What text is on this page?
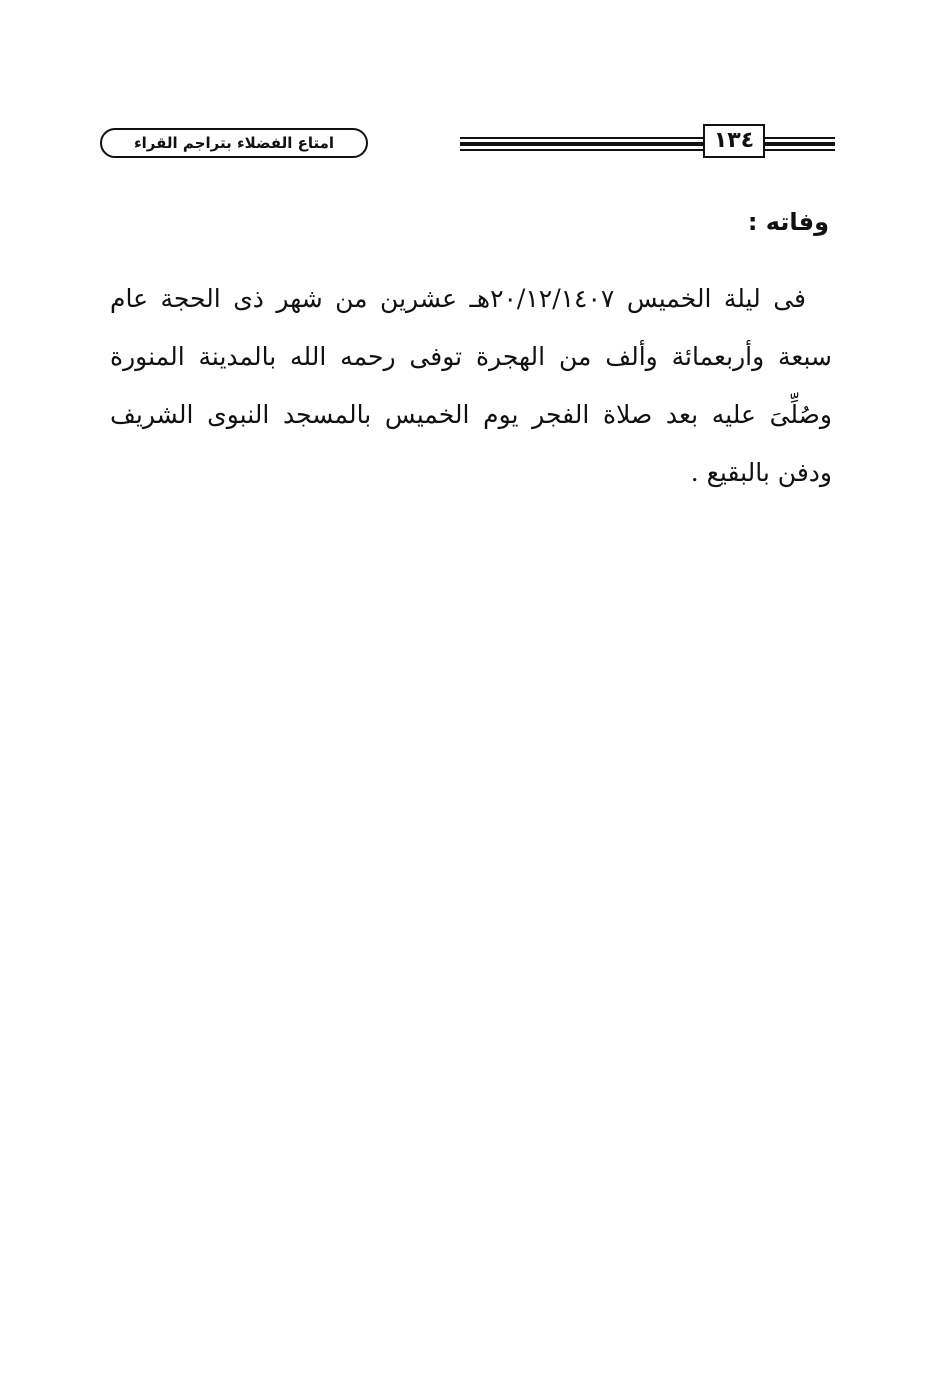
١٣٤
امتاع الفضلاء بتراجم القراء
وفاته :

فى ليلة الخميس ٢٠/١٢/١٤٠٧هـ عشرين من شهر ذى الحجة عام سبعة وأربعمائة وألف من الهجرة توفى رحمه الله بالمدينة المنورة وصُلِّىَ عليه بعد صلاة الفجر يوم الخميس بالمسجد النبوى الشريف ودفن بالبقيع .
